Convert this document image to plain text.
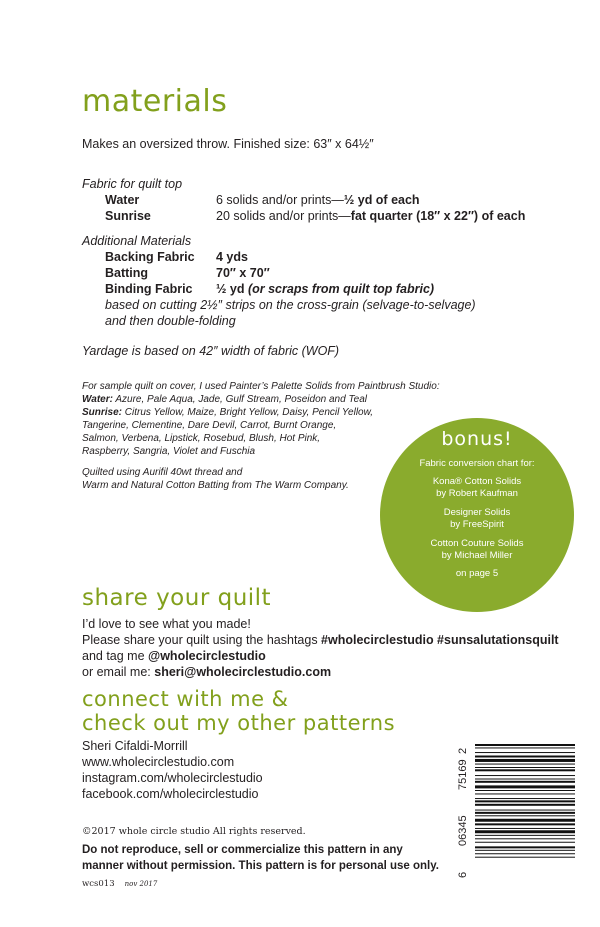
materials
Makes an oversized throw. Finished size: 63″ x 64½″
Fabric for quilt top
Water	6 solids and/or prints—½ yd of each
Sunrise	20 solids and/or prints—fat quarter (18″ x 22″) of each
Additional Materials
Backing Fabric 4 yds
Batting	70″ x 70″
Binding Fabric ½ yd (or scraps from quilt top fabric)
based on cutting 2½″ strips on the cross-grain (selvage-to-selvage)
and then double-folding
Yardage is based on 42″ width of fabric (WOF)
For sample quilt on cover, I used Painter’s Palette Solids from Paintbrush Studio:
Water: Azure, Pale Aqua, Jade, Gulf Stream, Poseidon and Teal
Sunrise: Citrus Yellow, Maize, Bright Yellow, Daisy, Pencil Yellow,
Tangerine, Clementine, Dare Devil, Carrot, Burnt Orange,
Salmon, Verbena, Lipstick, Rosebud, Blush, Hot Pink,
Raspberry, Sangria, Violet and Fuschia
Quilted using Aurifil 40wt thread and
Warm and Natural Cotton Batting from The Warm Company.
bonus!
Fabric conversion chart for:
Kona® Cotton Solids
by Robert Kaufman
Designer Solids
by FreeSpirit
Cotton Couture Solids
by Michael Miller
on page 5
share your quilt
I’d love to see what you made!
Please share your quilt using the hashtags #wholecirclestudio #sunsalutationsquilt
and tag me @wholecirclestudio
or email me: sheri@wholecirclestudio.com
connect with me &
check out my other patterns
Sheri Cifaldi-Morrill
www.wholecirclestudio.com
instagram.com/wholecirclestudio
facebook.com/wholecirclestudio
©2017 whole circle studio All rights reserved.
Do not reproduce, sell or commercialize this pattern in any
manner without permission. This pattern is for personal use only.
wcs013 nov 2017
6
06345
75169
2
